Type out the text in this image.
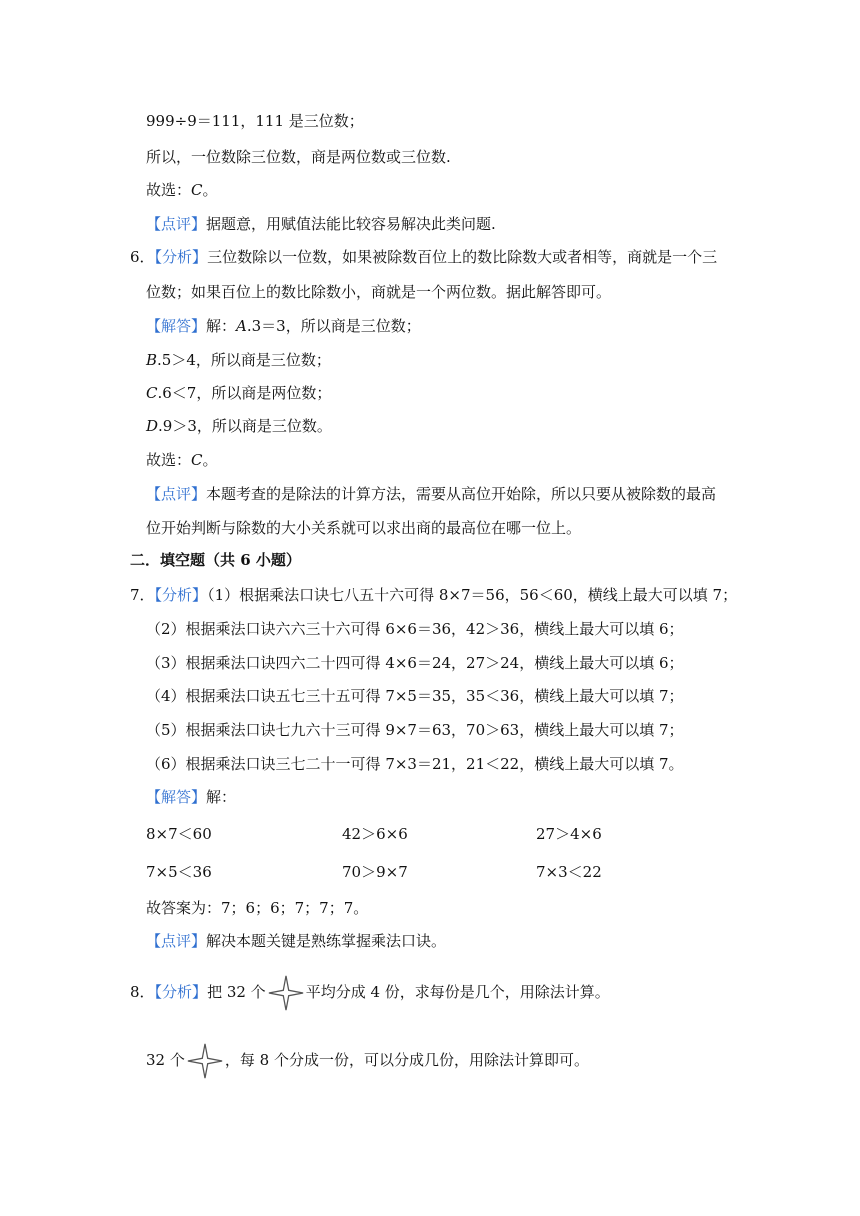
999÷9＝111，111 是三位数；
所以，一位数除三位数，商是两位数或三位数.
故选：C。
【点评】据题意，用赋值法能比较容易解决此类问题.
6．【分析】三位数除以一位数，如果被除数百位上的数比除数大或者相等，商就是一个三
位数；如果百位上的数比除数小，商就是一个两位数。据此解答即可。
【解答】解：A.3＝3，所以商是三位数；
B.5＞4，所以商是三位数；
C.6＜7，所以商是两位数；
D.9＞3，所以商是三位数。
故选：C。
【点评】本题考查的是除法的计算方法，需要从高位开始除，所以只要从被除数的最高
位开始判断与除数的大小关系就可以求出商的最高位在哪一位上。
二．填空题（共 6 小题）
7．【分析】（1）根据乘法口诀七八五十六可得 8×7＝56，56＜60，横线上最大可以填 7；
（2）根据乘法口诀六六三十六可得 6×6＝36，42＞36，横线上最大可以填 6；
（3）根据乘法口诀四六二十四可得 4×6＝24，27＞24，横线上最大可以填 6；
（4）根据乘法口诀五七三十五可得 7×5＝35，35＜36，横线上最大可以填 7；
（5）根据乘法口诀七九六十三可得 9×7＝63，70＞63，横线上最大可以填 7；
（6）根据乘法口诀三七二十一可得 7×3＝21，21＜22，横线上最大可以填 7。
【解答】解：
8×7＜60	42＞6×6	27＞4×6
7×5＜36	70＞9×7	7×3＜22
故答案为：7；6；6；7；7；7。
【点评】解决本题关键是熟练掌握乘法口诀。
8．【分析】把 32 个	平均分成 4 份，求每份是几个，用除法计算。
32 个	，每 8 个分成一份，可以分成几份，用除法计算即可。
